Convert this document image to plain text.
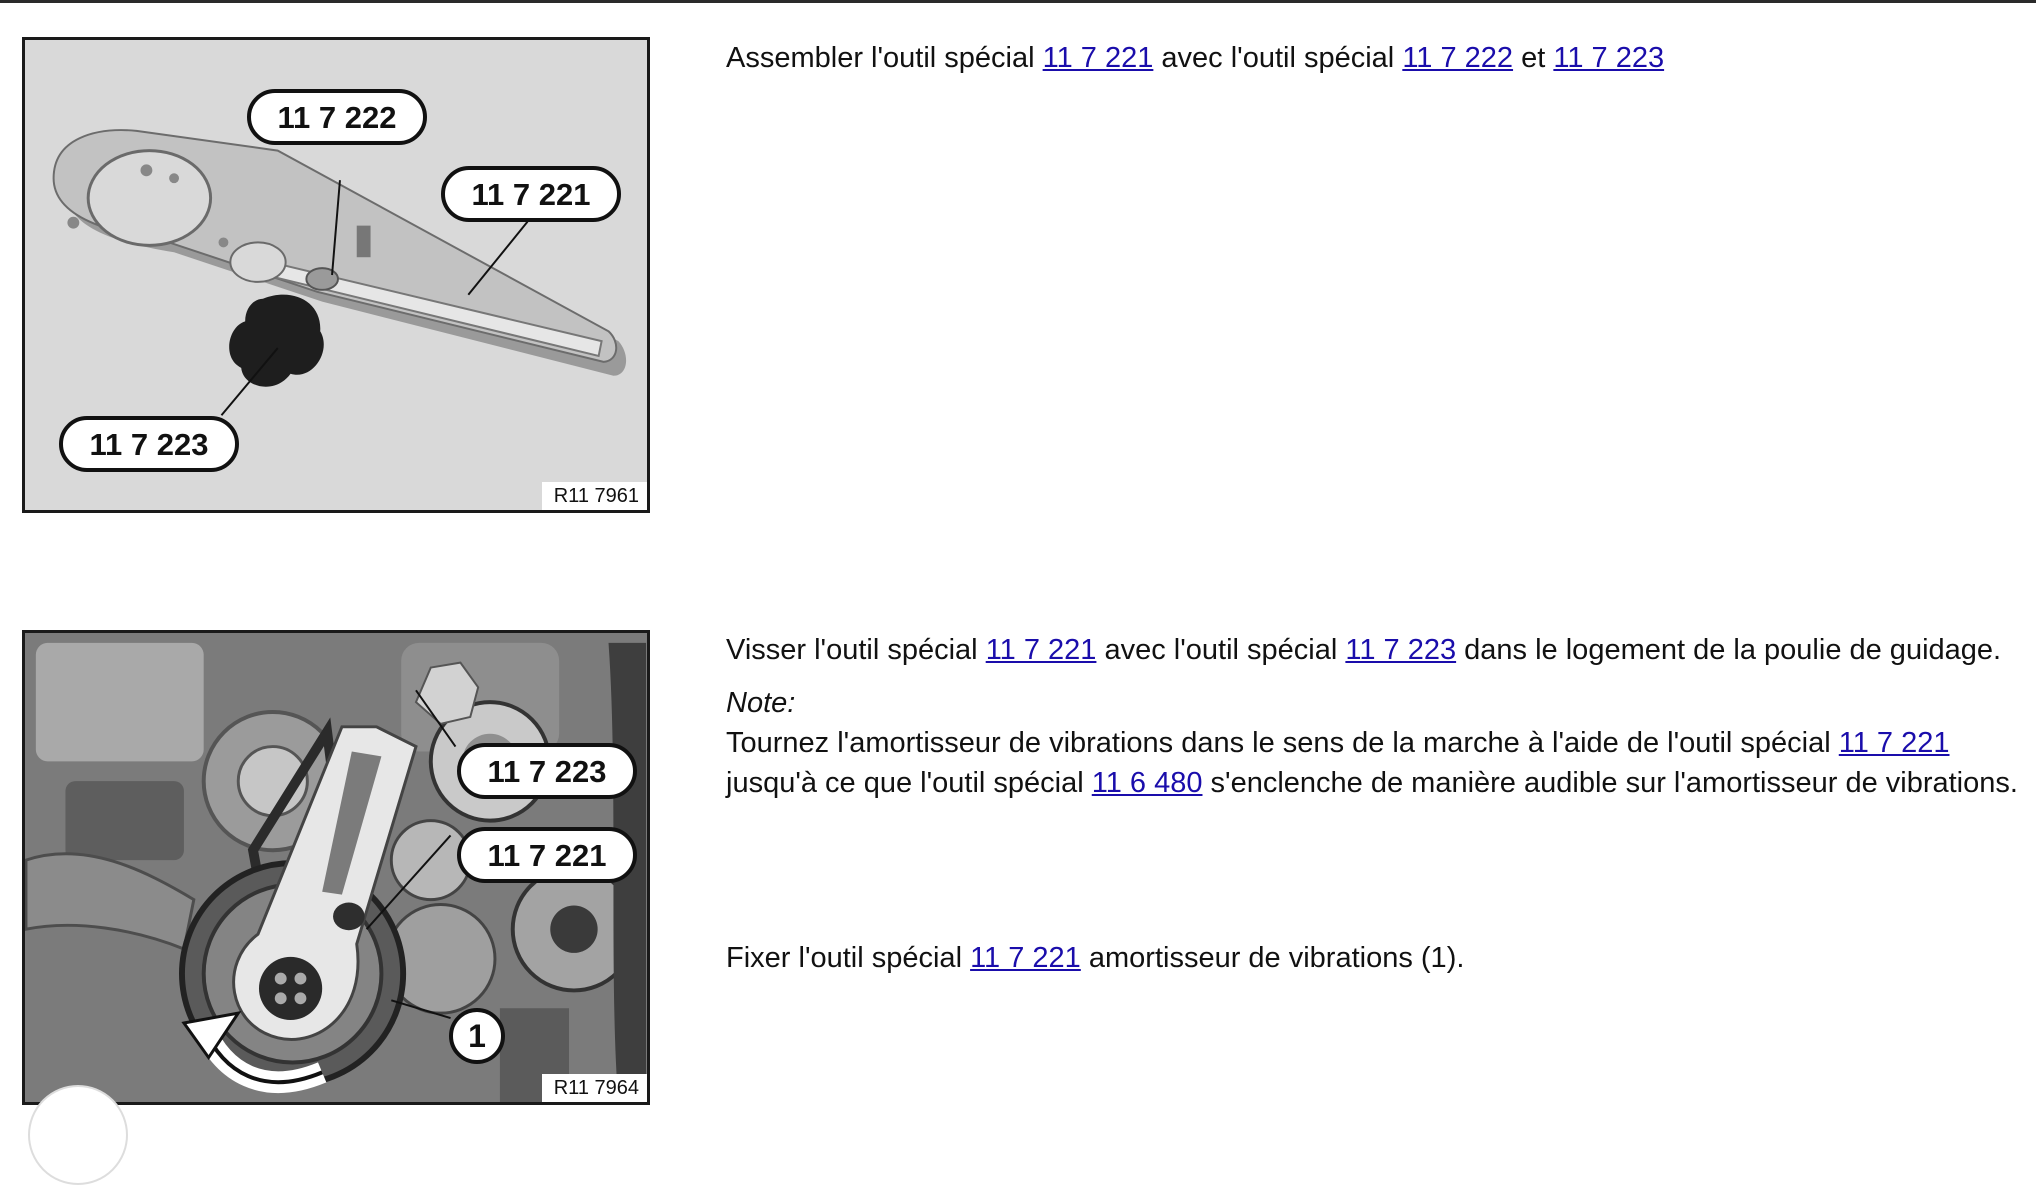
11 7 222
11 7 221
11 7 223
R11 7961
11 7 223
11 7 221
1
R11 7964

Assembler l'outil spécial 11 7 221 avec l'outil spécial 11 7 222 et 11 7 223

Visser l'outil spécial 11 7 221 avec l'outil spécial 11 7 223 dans le logement de la poulie de guidage.

Note:

Tournez l'amortisseur de vibrations dans le sens de la marche à l'aide de l'outil spécial 11 7 221 jusqu'à ce que l'outil spécial 11 6 480 s'enclenche de manière audible sur l'amortisseur de vibrations.

Fixer l'outil spécial 11 7 221 amortisseur de vibrations (1).
